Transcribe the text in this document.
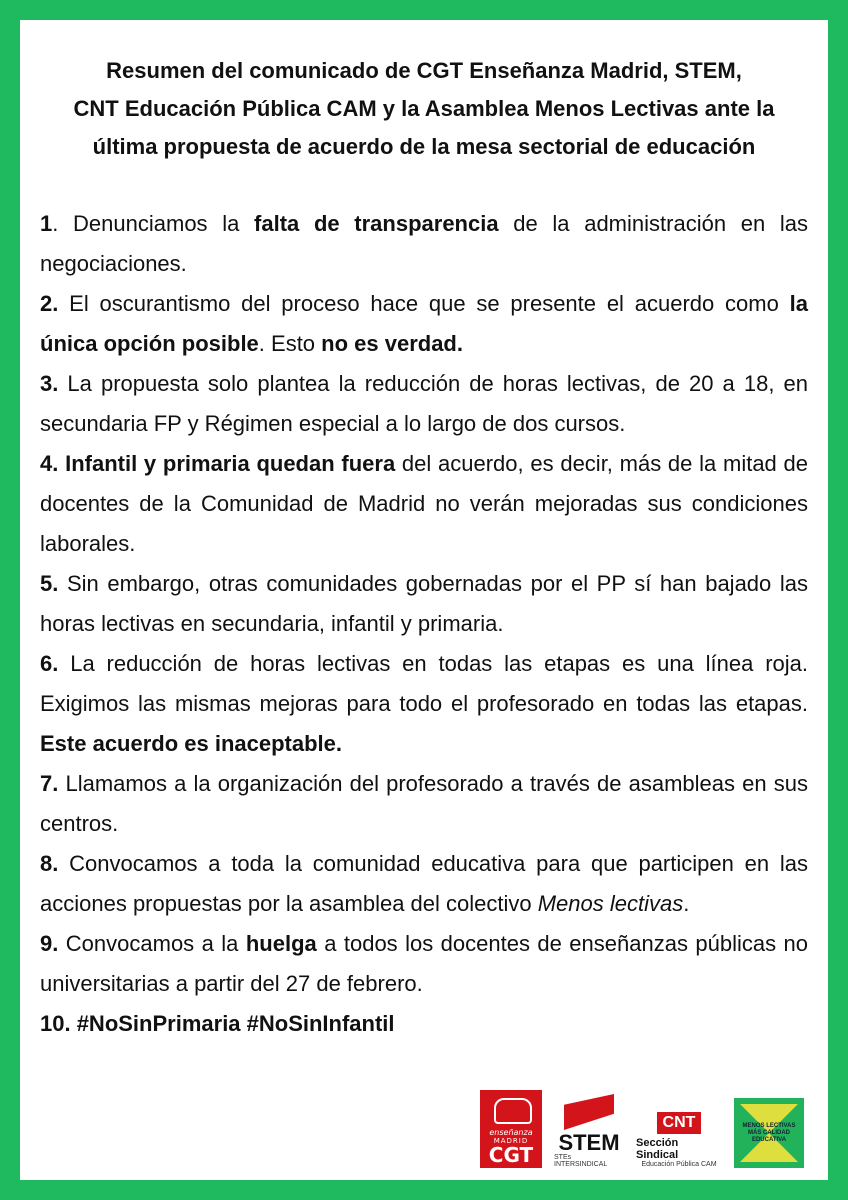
Resumen del comunicado de CGT Enseñanza Madrid, STEM,
CNT Educación Pública CAM y la Asamblea Menos Lectivas ante la
última propuesta de acuerdo de la mesa sectorial de educación

1. Denunciamos la falta de transparencia de la administración en las negociaciones.

2. El oscurantismo del proceso hace que se presente el acuerdo como la única opción posible. Esto no es verdad.

3. La propuesta solo plantea la reducción de horas lectivas, de 20 a 18, en secundaria FP y Régimen especial a lo largo de dos cursos.

4. Infantil y primaria quedan fuera del acuerdo, es decir, más de la mitad de docentes de la Comunidad de Madrid no verán mejoradas sus condiciones laborales.

5. Sin embargo, otras comunidades gobernadas por el PP sí han bajado las horas lectivas en secundaria, infantil y primaria.

6. La reducción de horas lectivas en todas las etapas es una línea roja. Exigimos las mismas mejoras para todo el profesorado en todas las etapas. Este acuerdo es inaceptable.

7. Llamamos a la organización del profesorado a través de asambleas en sus centros.

8. Convocamos a toda la comunidad educativa para que participen en las acciones propuestas por la asamblea del colectivo Menos lectivas.

9. Convocamos a la huelga a todos los docentes de enseñanzas públicas no universitarias a partir del 27 de febrero.

10. #NoSinPrimaria #NoSinInfantil

enseñanza
MADRID
CGT STEM
STEs INTERSINDICAL
CNT
Sección Sindical
Educación Pública CAM
MENOS LECTIVAS
MÁS CALIDAD EDUCATIVA
